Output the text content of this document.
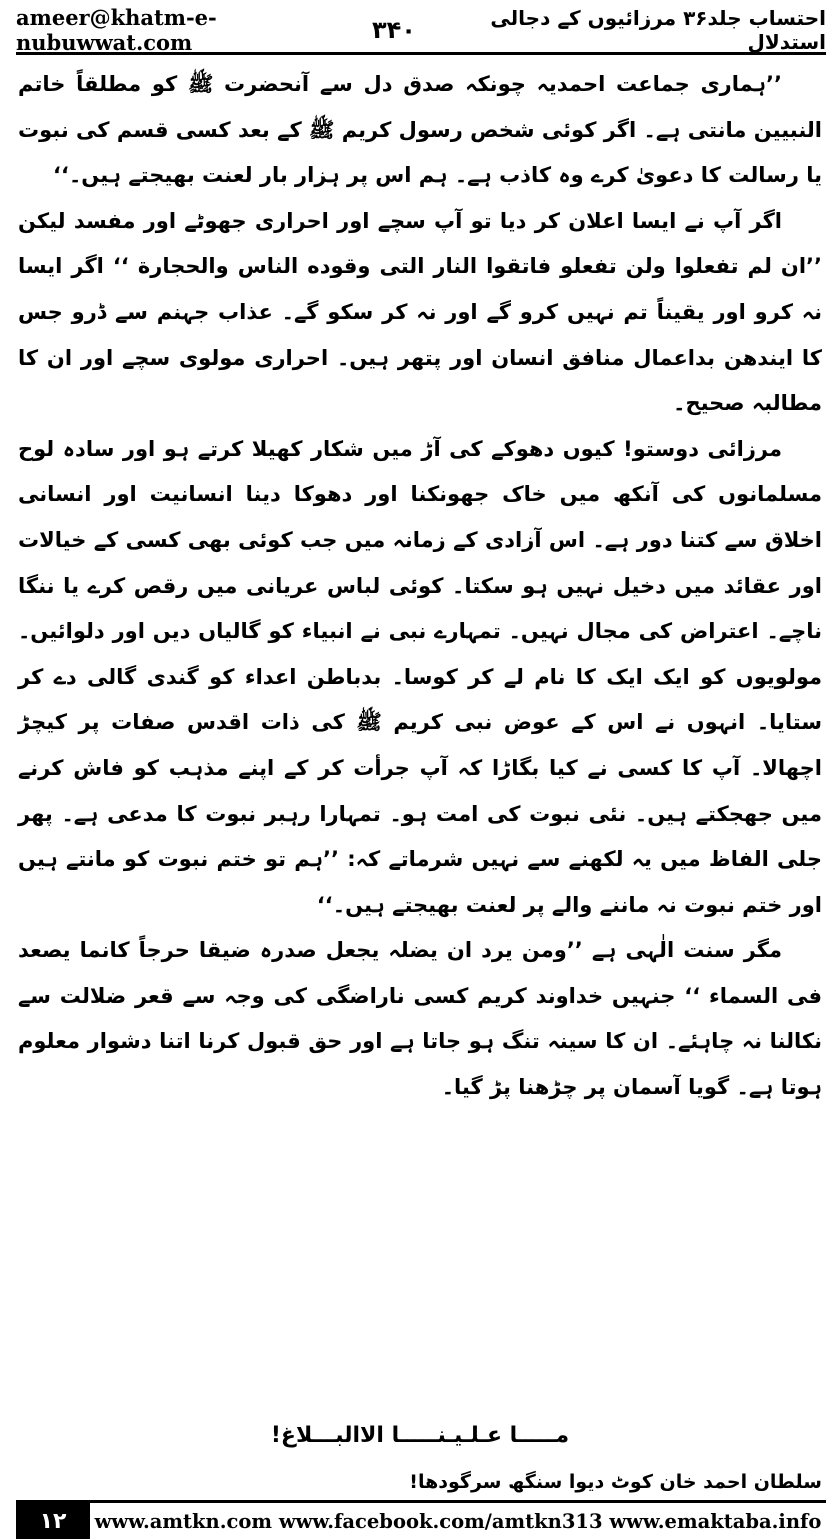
ameer@khatm-e-nubuwwat.com
احتساب جلد۳۶ مرزائیوں کے دجالی استدلال
۳۴۰

’’ہماری جماعت احمدیہ چونکہ صدق دل سے آنحضرت ﷺ کو مطلقاً خاتم النبیین مانتی ہے۔ اگر کوئی شخص رسول کریم ﷺ کے بعد کسی قسم کی نبوت یا رسالت کا دعویٰ کرے وہ کاذب ہے۔ ہم اس پر ہزار بار لعنت بھیجتے ہیں۔‘‘

اگر آپ نے ایسا اعلان کر دیا تو آپ سچے اور احراری جھوٹے اور مفسد لیکن ’’ان لم تفعلوا ولن تفعلو فاتقوا النار التی وقوده الناس والحجارة ‘‘ اگر ایسا نہ کرو اور یقیناً تم نہیں کرو گے اور نہ کر سکو گے۔ عذاب جہنم سے ڈرو جس کا ایندھن بداعمال منافق انسان اور پتھر ہیں۔ احراری مولوی سچے اور ان کا مطالبہ صحیح۔

مرزائی دوستو! کیوں دھوکے کی آڑ میں شکار کھیلا کرتے ہو اور سادہ لوح مسلمانوں کی آنکھ میں خاک جھونکنا اور دھوکا دینا انسانیت اور انسانی اخلاق سے کتنا دور ہے۔ اس آزادی کے زمانہ میں جب کوئی بھی کسی کے خیالات اور عقائد میں دخیل نہیں ہو سکتا۔ کوئی لباس عریانی میں رقص کرے یا ننگا ناچے۔ اعتراض کی مجال نہیں۔ تمہارے نبی نے انبیاء کو گالیاں دیں اور دلوائیں۔ مولویوں کو ایک ایک کا نام لے کر کوسا۔ بدباطن اعداء کو گندی گالی دے کر ستایا۔ انہوں نے اس کے عوض نبی کریم ﷺ کی ذات اقدس صفات پر کیچڑ اچھالا۔ آپ کا کسی نے کیا بگاڑا کہ آپ جرأت کر کے اپنے مذہب کو فاش کرنے میں جھجکتے ہیں۔ نئی نبوت کی امت ہو۔ تمہارا رہبر نبوت کا مدعی ہے۔ پھر جلی الفاظ میں یہ لکھنے سے نہیں شرماتے کہ: ’’ہم تو ختم نبوت کو مانتے ہیں اور ختم نبوت نہ ماننے والے پر لعنت بھیجتے ہیں۔‘‘

مگر سنت الٰہی ہے ’’ومن یرد ان یضلہ یجعل صدرہ ضیقا حرجاً کانما یصعد فی السماء ‘‘ جنہیں خداوند کریم کسی ناراضگی کی وجہ سے قعر ضلالت سے نکالنا نہ چاہئے۔ ان کا سینہ تنگ ہو جاتا ہے اور حق قبول کرنا اتنا دشوار معلوم ہوتا ہے۔ گویا آسمان پر چڑھنا پڑ گیا۔

مـــــا عـلـيـنـــــا الاالبـــلاغ!
سلطان احمد خان کوٹ دیوا سنگھ سرگودھا!
۱۲	www.amtkn.com www.facebook.com/amtkn313 www.emaktaba.info
